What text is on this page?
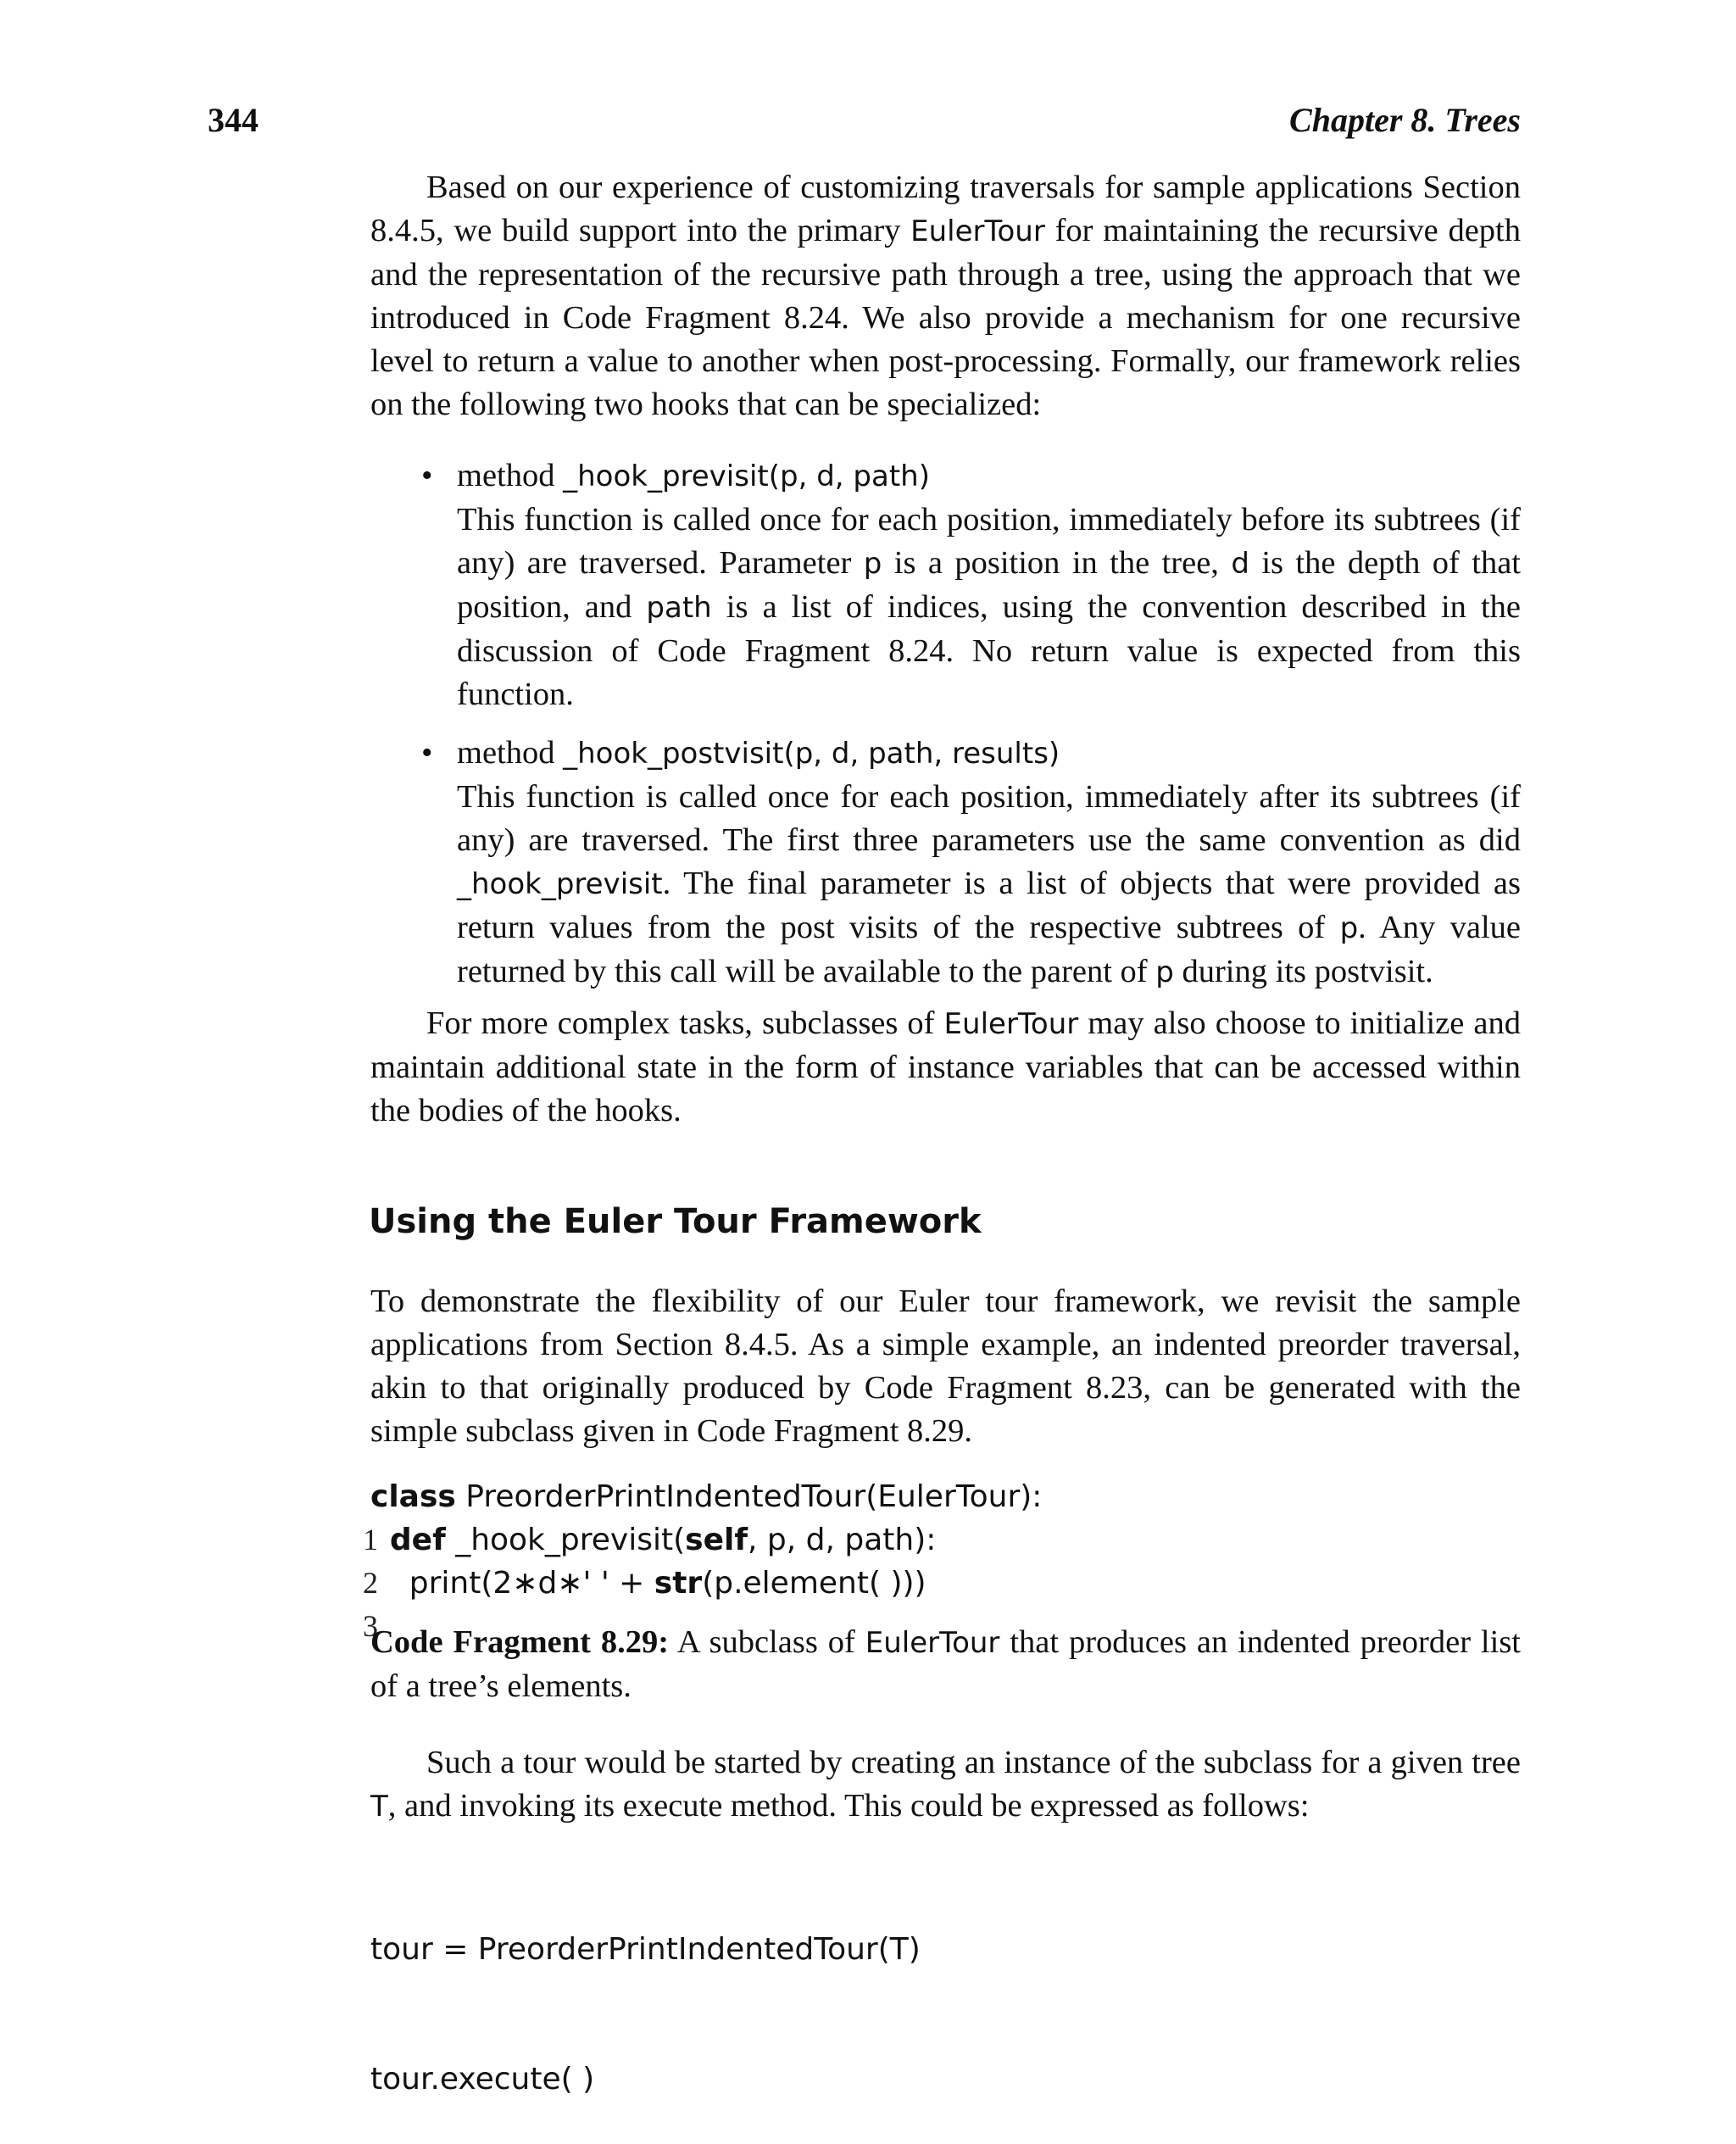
344	Chapter 8. Trees

Based on our experience of customizing traversals for sample applications Section 8.4.5, we build support into the primary EulerTour for maintaining the recursive depth and the representation of the recursive path through a tree, using the approach that we introduced in Code Fragment 8.24. We also provide a mechanism for one recursive level to return a value to another when post-processing. Formally, our framework relies on the following two hooks that can be specialized:

• method _hook_previsit(p, d, path)
This function is called once for each position, immediately before its subtrees (if any) are traversed. Parameter p is a position in the tree, d is the depth of that position, and path is a list of indices, using the convention described in the discussion of Code Fragment 8.24. No return value is expected from this function.
• method _hook_postvisit(p, d, path, results)
This function is called once for each position, immediately after its subtrees (if any) are traversed. The first three parameters use the same convention as did _hook_previsit. The final parameter is a list of objects that were provided as return values from the post visits of the respective subtrees of p. Any value returned by this call will be available to the parent of p during its postvisit.

For more complex tasks, subclasses of EulerTour may also choose to initialize and maintain additional state in the form of instance variables that can be accessed within the bodies of the hooks.

Using the Euler Tour Framework

To demonstrate the flexibility of our Euler tour framework, we revisit the sample applications from Section 8.4.5. As a simple example, an indented preorder traversal, akin to that originally produced by Code Fragment 8.23, can be generated with the simple subclass given in Code Fragment 8.29.

1

class PreorderPrintIndentedTour(EulerTour):

2

def _hook_previsit(self, p, d, path):

3

print(2∗d∗' ' + str(p.element( )))

Code Fragment 8.29: A subclass of EulerTour that produces an indented preorder list of a tree’s elements.

Such a tour would be started by creating an instance of the subclass for a given tree T, and invoking its execute method. This could be expressed as follows:

tour = PreorderPrintIndentedTour(T)

tour.execute( )
